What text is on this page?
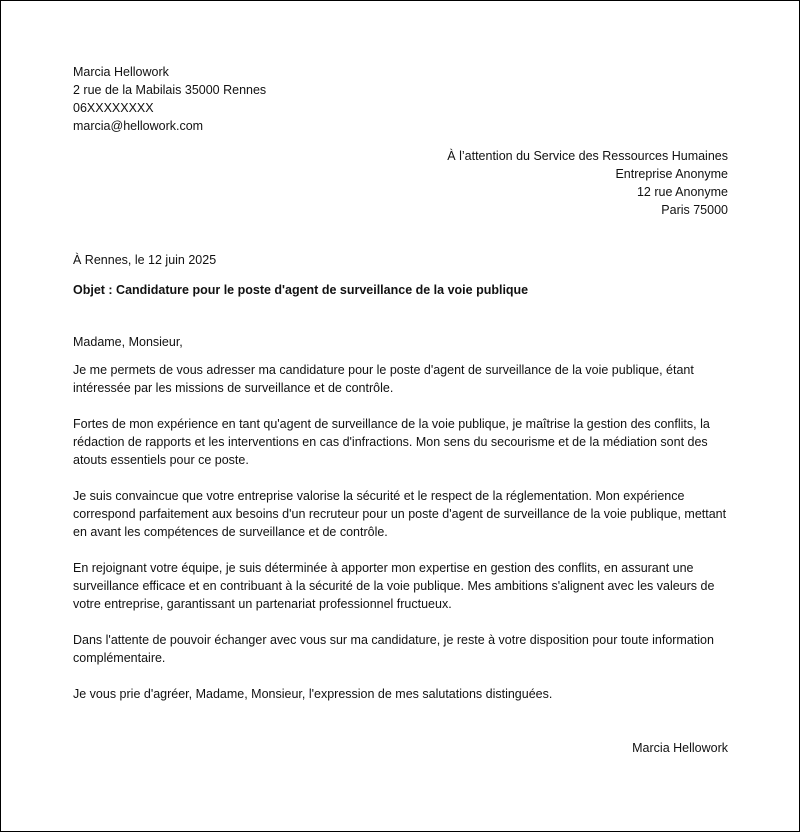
Marcia Hellowork
2 rue de la Mabilais 35000 Rennes
06XXXXXXXX
marcia@hellowork.com
À l’attention du Service des Ressources Humaines
Entreprise Anonyme
12 rue Anonyme
Paris 75000
À Rennes, le 12 juin 2025
Objet : Candidature pour le poste d'agent de surveillance de la voie publique
Madame, Monsieur,
Je me permets de vous adresser ma candidature pour le poste d'agent de surveillance de la voie publique, étant intéressée par les missions de surveillance et de contrôle.
Fortes de mon expérience en tant qu'agent de surveillance de la voie publique, je maîtrise la gestion des conflits, la rédaction de rapports et les interventions en cas d'infractions. Mon sens du secourisme et de la médiation sont des atouts essentiels pour ce poste.
Je suis convaincue que votre entreprise valorise la sécurité et le respect de la réglementation. Mon expérience correspond parfaitement aux besoins d'un recruteur pour un poste d'agent de surveillance de la voie publique, mettant en avant les compétences de surveillance et de contrôle.
En rejoignant votre équipe, je suis déterminée à apporter mon expertise en gestion des conflits, en assurant une surveillance efficace et en contribuant à la sécurité de la voie publique. Mes ambitions s'alignent avec les valeurs de votre entreprise, garantissant un partenariat professionnel fructueux.
Dans l'attente de pouvoir échanger avec vous sur ma candidature, je reste à votre disposition pour toute information complémentaire.
Je vous prie d'agréer, Madame, Monsieur, l'expression de mes salutations distinguées.
Marcia Hellowork
